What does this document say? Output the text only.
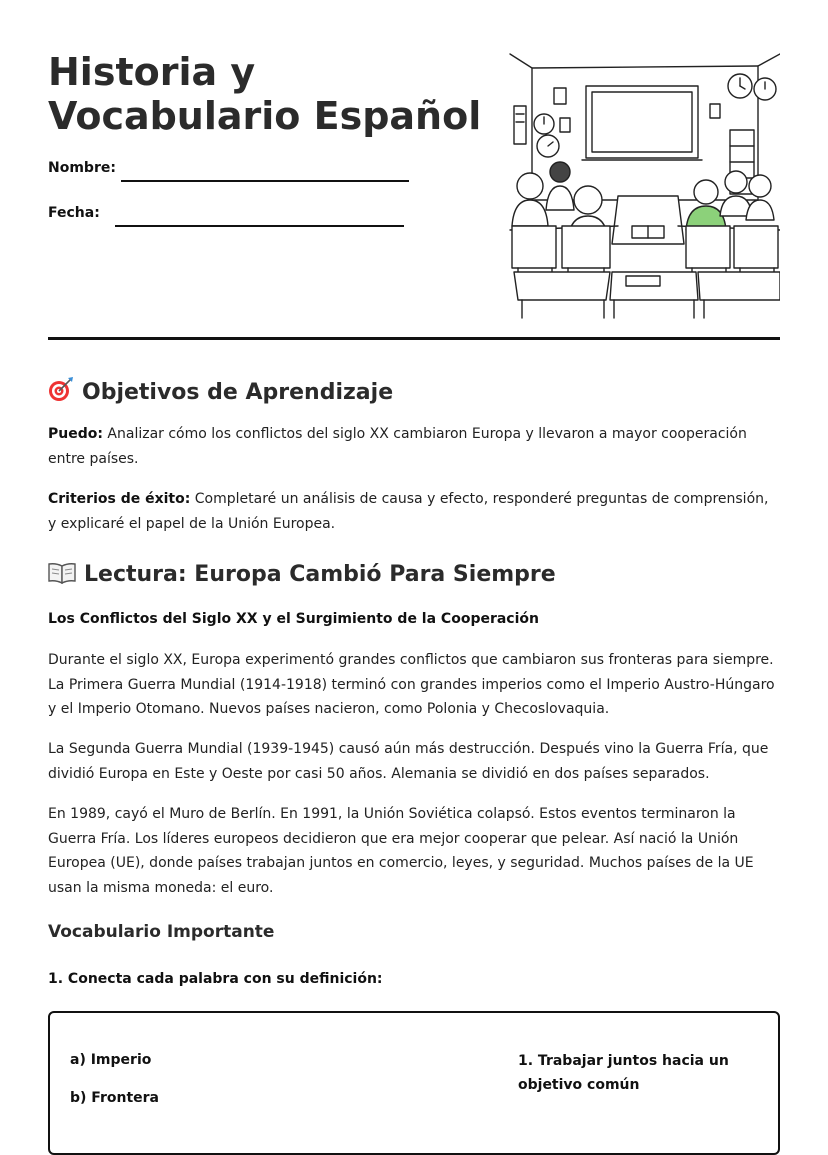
Historia y Vocabulario Español
Nombre:
Fecha:
Objetivos de Aprendizaje

Puedo: Analizar cómo los conflictos del siglo XX cambiaron Europa y llevaron a mayor cooperación entre países.

Criterios de éxito: Completaré un análisis de causa y efecto, responderé preguntas de comprensión, y explicaré el papel de la Unión Europea.

Lectura: Europa Cambió Para Siempre

Los Conflictos del Siglo XX y el Surgimiento de la Cooperación

Durante el siglo XX, Europa experimentó grandes conflictos que cambiaron sus fronteras para siempre. La Primera Guerra Mundial (1914-1918) terminó con grandes imperios como el Imperio Austro-Húngaro y el Imperio Otomano. Nuevos países nacieron, como Polonia y Checoslovaquia.

La Segunda Guerra Mundial (1939-1945) causó aún más destrucción. Después vino la Guerra Fría, que dividió Europa en Este y Oeste por casi 50 años. Alemania se dividió en dos países separados.

En 1989, cayó el Muro de Berlín. En 1991, la Unión Soviética colapsó. Estos eventos terminaron la Guerra Fría. Los líderes europeos decidieron que era mejor cooperar que pelear. Así nació la Unión Europea (UE), donde países trabajan juntos en comercio, leyes, y seguridad. Muchos países de la UE usan la misma moneda: el euro.

Vocabulario Importante

1. Conecta cada palabra con su definición:

a) Imperio
b) Frontera
1. Trabajar juntos hacia un objetivo común
